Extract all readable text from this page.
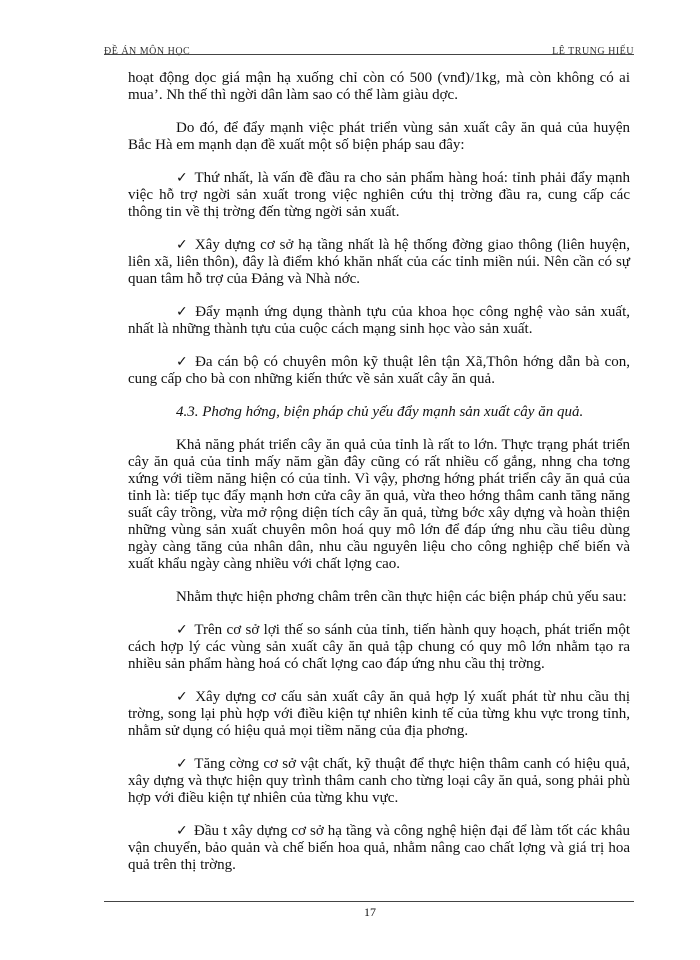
ĐỀ ÁN MÔN HỌC	LÊ TRUNG HIẾU

hoạt động dọc giá mận hạ xuống chỉ còn có 500 (vnđ)/1kg, mà còn không có ai mua’. Nh thế thì ngời dân làm sao có thể làm giàu dợc.

Do đó, để đẩy mạnh việc phát triển vùng sản xuất cây ăn quả của huyện Bắc Hà em mạnh dạn đề xuất một số biện pháp sau đây:

✓ Thứ nhất, là vấn đề đầu ra cho sản phẩm hàng hoá: tỉnh phải đẩy mạnh việc hỗ trợ ngời sản xuất trong việc nghiên cứu thị trờng đầu ra, cung cấp các thông tin về thị trờng đến từng ngời sản xuất.

✓ Xây dựng cơ sở hạ tầng nhất là hệ thống đờng giao thông (liên huyện, liên xã, liên thôn), đây là điểm khó khăn nhất của các tỉnh miền núi. Nên cần có sự quan tâm hỗ trợ của Đảng và Nhà nớc.

✓ Đẩy mạnh ứng dụng thành tựu của khoa học công nghệ vào sản xuất, nhất là những thành tựu của cuộc cách mạng sinh học vào sản xuất.

✓ Đa cán bộ có chuyên môn kỹ thuật lên tận Xã,Thôn hớng dẫn bà con, cung cấp cho bà con những kiến thức về sản xuất cây ăn quả.

4.3. Phơng hớng, biện pháp chủ yếu đẩy mạnh sản xuất cây ăn quả.

Khả năng phát triển cây ăn quả của tỉnh là rất to lớn. Thực trạng phát triển cây ăn quả của tỉnh mấy năm gần đây cũng có rất nhiều cố gắng, nhng cha tơng xứng với tiềm năng hiện có của tỉnh. Vì vậy, phơng hớng phát triển cây ăn quả của tỉnh là: tiếp tục đẩy mạnh hơn cửa cây ăn quả, vừa theo hớng thâm canh tăng năng suất cây trồng, vừa mở rộng diện tích cây ăn quả, từng bớc xây dựng và hoàn thiện những vùng sản xuất chuyên môn hoá quy mô lớn để đáp ứng nhu cầu tiêu dùng ngày càng tăng của nhân dân, nhu cầu nguyên liệu cho công nghiệp chế biến và xuất khẩu ngày càng nhiều với chất lợng cao.

Nhằm thực hiện phơng châm trên cần thực hiện các biện pháp chủ yếu sau:

✓ Trên cơ sở lợi thế so sánh của tỉnh, tiến hành quy hoạch, phát triển một cách hợp lý các vùng sản xuất cây ăn quả tập chung có quy mô lớn nhằm tạo ra nhiều sản phẩm hàng hoá có chất lợng cao đáp ứng nhu cầu thị trờng.

✓ Xây dựng cơ cấu sản xuất cây ăn quả hợp lý xuất phát từ nhu cầu thị trờng, song lại phù hợp với điều kiện tự nhiên kinh tế của từng khu vực trong tỉnh, nhằm sử dụng có hiệu quả mọi tiềm năng của địa phơng.

✓ Tăng cờng cơ sở vật chất, kỹ thuật để thực hiện thâm canh có hiệu quả, xây dựng và thực hiện quy trình thâm canh cho từng loại cây ăn quả, song phải phù hợp với điều kiện tự nhiên của từng khu vực.

✓ Đầu t xây dựng cơ sở hạ tầng và công nghệ hiện đại để làm tốt các khâu vận chuyển, bảo quản và chế biến hoa quả, nhằm nâng cao chất lợng và giá trị hoa quả trên thị trờng.

17
